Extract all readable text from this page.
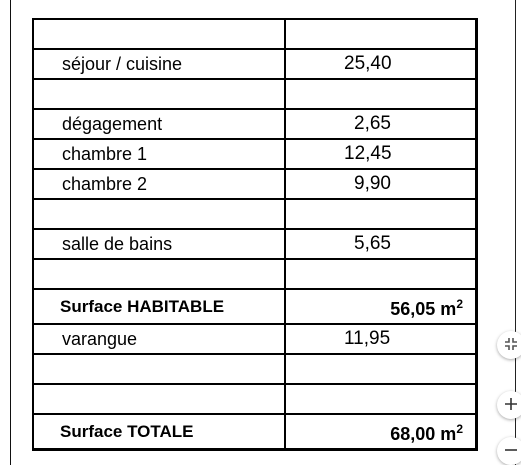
séjour / cuisine	25,40

dégagement	2,65
chambre 1	12,45
chambre 2	9,90

salle de bains	5,65

Surface HABITABLE	56,05 $m^2$
varangue	11,95

Surface TOTALE	68,00 $m^2$
